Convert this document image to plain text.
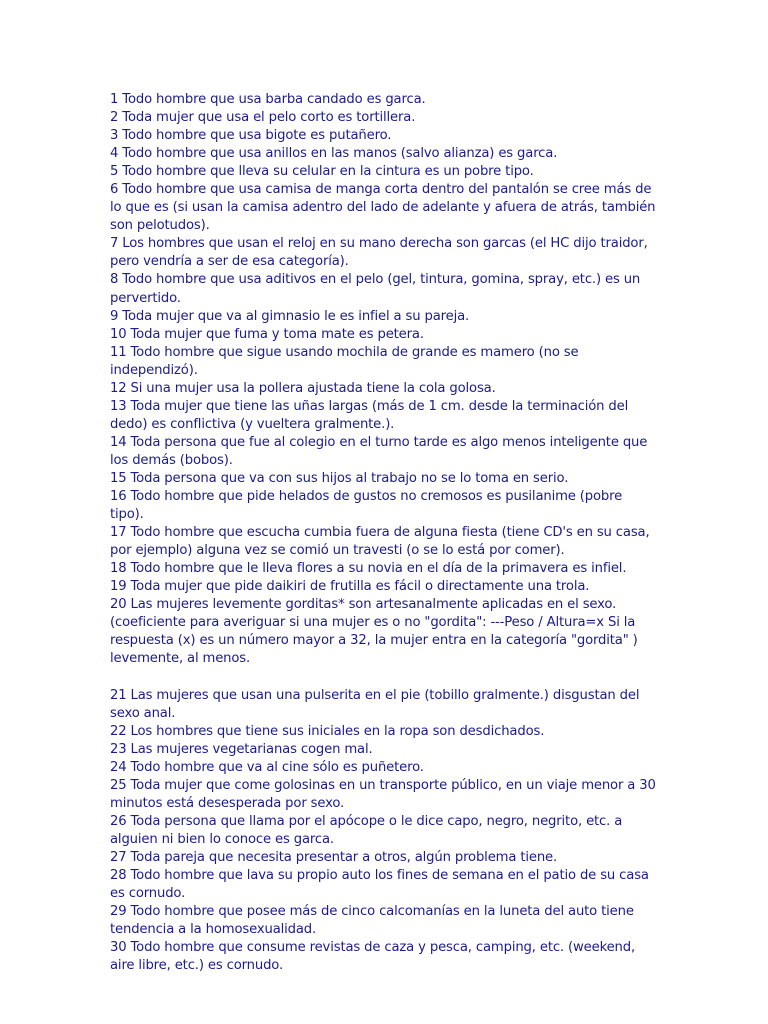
1 Todo hombre que usa barba candado es garca.

2 Toda mujer que usa el pelo corto es tortillera.

3 Todo hombre que usa bigote es putañero.

4 Todo hombre que usa anillos en las manos (salvo alianza) es garca.

5 Todo hombre que lleva su celular en la cintura es un pobre tipo.

6 Todo hombre que usa camisa de manga corta dentro del pantalón se cree más de lo que es (si usan la camisa adentro del lado de adelante y afuera de atrás, también son pelotudos).

7 Los hombres que usan el reloj en su mano derecha son garcas (el HC dijo traidor, pero vendría a ser de esa categoría).

8 Todo hombre que usa aditivos en el pelo (gel, tintura, gomina, spray, etc.) es un pervertido.

9 Toda mujer que va al gimnasio le es infiel a su pareja.

10 Toda mujer que fuma y toma mate es petera.

11 Todo hombre que sigue usando mochila de grande es mamero (no se independizó).

12 Si una mujer usa la pollera ajustada tiene la cola golosa.

13 Toda mujer que tiene las uñas largas (más de 1 cm. desde la terminación del dedo) es conflictiva (y vueltera gralmente.).

14 Toda persona que fue al colegio en el turno tarde es algo menos inteligente que los demás (bobos).

15 Toda persona que va con sus hijos al trabajo no se lo toma en serio.

16 Todo hombre que pide helados de gustos no cremosos es pusilanime (pobre tipo).

17 Todo hombre que escucha cumbia fuera de alguna fiesta (tiene CD's en su casa, por ejemplo) alguna vez se comió un travesti (o se lo está por comer).

18 Todo hombre que le lleva flores a su novia en el día de la primavera es infiel.

19 Toda mujer que pide daikiri de frutilla es fácil o directamente una trola.

20 Las mujeres levemente gorditas* son artesanalmente aplicadas en el sexo. (coeficiente para averiguar si una mujer es o no "gordita": ---Peso / Altura=x Si la respuesta (x) es un número mayor a 32, la mujer entra en la categoría "gordita" ) levemente, al menos.

21 Las mujeres que usan una pulserita en el pie (tobillo gralmente.) disgustan del sexo anal.

22 Los hombres que tiene sus iniciales en la ropa son desdichados.

23 Las mujeres vegetarianas cogen mal.

24 Todo hombre que va al cine sólo es puñetero.

25 Toda mujer que come golosinas en un transporte público, en un viaje menor a 30 minutos está desesperada por sexo.

26 Toda persona que llama por el apócope o le dice capo, negro, negrito, etc. a alguien ni bien lo conoce es garca.

27 Toda pareja que necesita presentar a otros, algún problema tiene.

28 Todo hombre que lava su propio auto los fines de semana en el patio de su casa es cornudo.

29 Todo hombre que posee más de cinco calcomanías en la luneta del auto tiene tendencia a la homosexualidad.

30 Todo hombre que consume revistas de caza y pesca, camping, etc. (weekend, aire libre, etc.) es cornudo.
